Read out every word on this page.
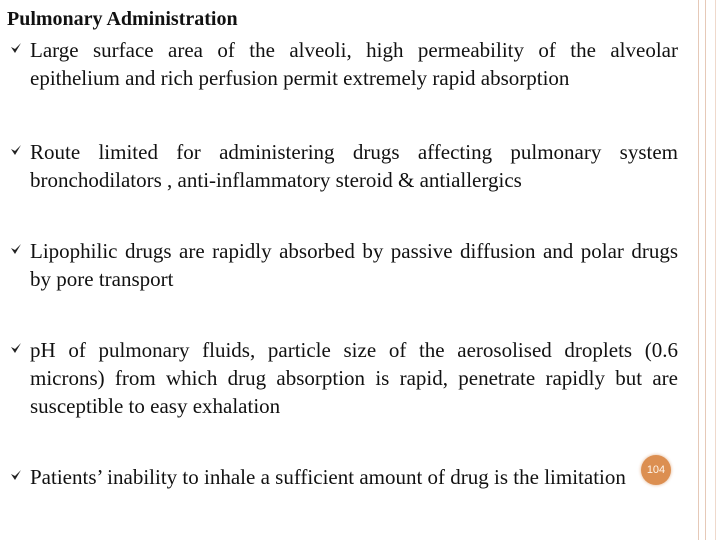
Pulmonary Administration
Large surface area of the alveoli, high permeability of the alveolar epithelium and rich perfusion permit extremely rapid absorption
Route limited for administering drugs affecting pulmonary system bronchodilators , anti-inflammatory steroid & antiallergics
Lipophilic drugs are rapidly absorbed by passive diffusion and polar drugs by pore transport
pH of pulmonary fluids, particle size of the aerosolised droplets (0.6 microns) from which drug absorption is rapid, penetrate rapidly but are susceptible to easy exhalation
Patients’ inability to inhale a sufficient amount of drug is the limitation	104
